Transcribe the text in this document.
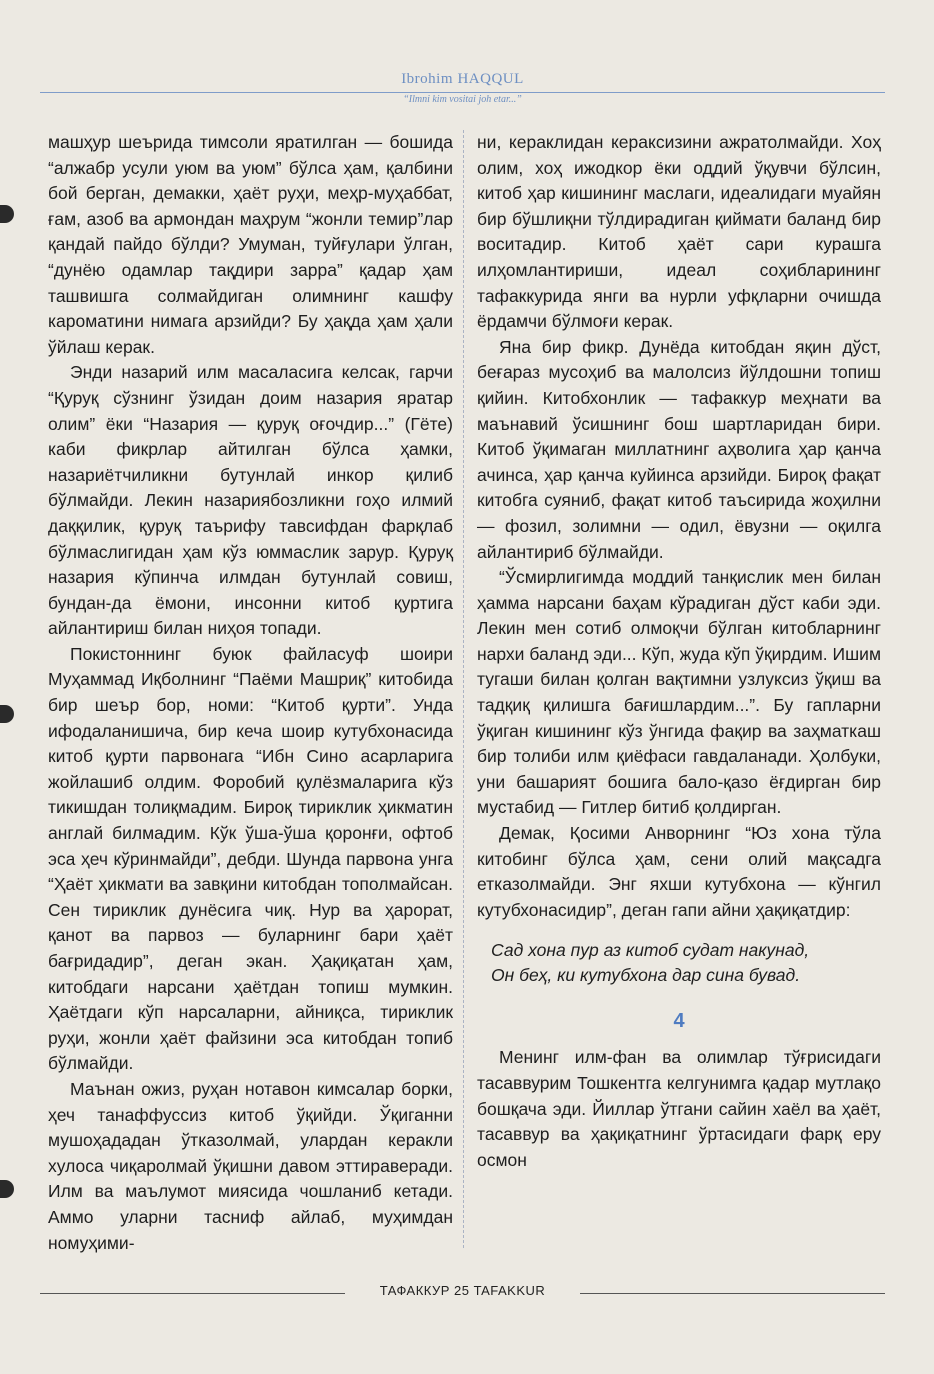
Ibrohim HAQQUL
“Ilmni kim vositai joh etar...”

машҳур шеърида тимсоли яратилган — бошида “алжабр усули уюм ва уюм” бўлса ҳам, қалбини бой берган, демакки, ҳаёт руҳи, меҳр-муҳаббат, ғам, азоб ва армондан маҳрум “жонли темир”лар қандай пайдо бўлди? Умуман, туйғулари ўлган, “дунёю одамлар тақдири зарра” қадар ҳам ташвишга солмайдиган олимнинг кашфу кароматини нимага арзийди? Бу ҳақда ҳам ҳали ўйлаш керак.

Энди назарий илм масаласига келсак, гарчи “Қуруқ сўзнинг ўзидан доим назария яратар олим” ёки “Назария — қуруқ оғочдир...” (Гёте) каби фикрлар айтилган бўлса ҳамки, назариётчиликни бутунлай инкор қилиб бўлмайди. Лекин назариябозликни гоҳо илмий даққилик, қуруқ таърифу тавсифдан фарқлаб бўлмаслигидан ҳам кўз юммаслик зарур. Қуруқ назария кўпинча илмдан бутунлай совиш, бундан-да ёмони, инсонни китоб қуртига айлантириш билан ниҳоя топади.

Покистоннинг буюк файласуф шоири Муҳаммад Иқболнинг “Паёми Машриқ” китобида бир шеър бор, номи: “Китоб қурти”. Унда ифодаланишича, бир кеча шоир кутубхонасида китоб қурти парвонага “Ибн Сино асарларига жойлашиб олдим. Форобий қулёзмаларига кўз тикишдан толиқмадим. Бироқ тириклик ҳикматин англай билмадим. Кўк ўша-ўша қоронғи, офтоб эса ҳеч кўринмайди”, дебди. Шунда парвона унга “Ҳаёт ҳикмати ва завқини китобдан тополмайсан. Сен тириклик дунёсига чиқ. Нур ва ҳарорат, қанот ва парвоз — буларнинг бари ҳаёт бағридадир”, деган экан. Ҳақиқатан ҳам, китобдаги нарсани ҳаётдан топиш мумкин. Ҳаётдаги кўп нарсаларни, айниқса, тириклик руҳи, жонли ҳаёт файзини эса китобдан топиб бўлмайди.

Маънан ожиз, руҳан нотавон кимсалар борки, ҳеч танаффуссиз китоб ўқийди. Ўқиганни мушоҳададан ўтказолмай, улардан керакли хулоса чиқаролмай ўқишни давом эттираверади. Илм ва маълумот миясида чошланиб кетади. Аммо уларни тасниф айлаб, муҳимдан номуҳими-

ни, кераклидан кераксизини ажратолмайди. Хоҳ олим, хоҳ ижодкор ёки оддий ўқувчи бўлсин, китоб ҳар кишининг маслаги, идеалидаги муайян бир бўшлиқни тўлдирадиган қиймати баланд бир воситадир. Китоб ҳаёт сари курашга илҳомлантириши, идеал соҳибларининг тафаккурида янги ва нурли уфқларни очишда ёрдамчи бўлмоғи керак.

Яна бир фикр. Дунёда китобдан яқин дўст, беғараз мусоҳиб ва малолсиз йўлдошни топиш қийин. Китобхонлик — тафаккур меҳнати ва маънавий ўсишнинг бош шартларидан бири. Китоб ўқимаган миллатнинг аҳволига ҳар қанча ачинса, ҳар қанча куйинса арзийди. Бироқ фақат китобга суяниб, фақат китоб таъсирида жоҳилни — фозил, золимни — одил, ёвузни — оқилга айлантириб бўлмайди.

“Ўсмирлигимда моддий танқислик мен билан ҳамма нарсани баҳам кўрадиган дўст каби эди. Лекин мен сотиб олмоқчи бўлган китобларнинг нархи баланд эди... Кўп, жуда кўп ўқирдим. Ишим тугаши билан қолган вақтимни узлуксиз ўқиш ва тадқиқ қилишга бағишлардим...”. Бу гапларни ўқиган кишининг кўз ўнгида фақир ва заҳматкаш бир толиби илм қиёфаси гавдаланади. Ҳолбуки, уни башарият бошига бало-қазо ёғдирган бир мустабид — Гитлер битиб қолдирган.

Демак, Қосими Анворнинг “Юз хона тўла китобинг бўлса ҳам, сени олий мақсадга етказолмайди. Энг яхши кутубхона — кўнгил кутубхонасидир”, деган гапи айни ҳақиқатдир:

Сад хона пур аз китоб судат накунад,
Он беҳ, ки кутубхона дар сина бувад.
4

Менинг илм-фан ва олимлар тўғрисидаги тасаввурим Тошкентга келгунимга қадар мутлақо бошқача эди. Йиллар ўтгани сайин хаёл ва ҳаёт, тасаввур ва ҳақиқатнинг ўртасидаги фарқ еру осмон

ТАФАККУР 25 TAFAKKUR
